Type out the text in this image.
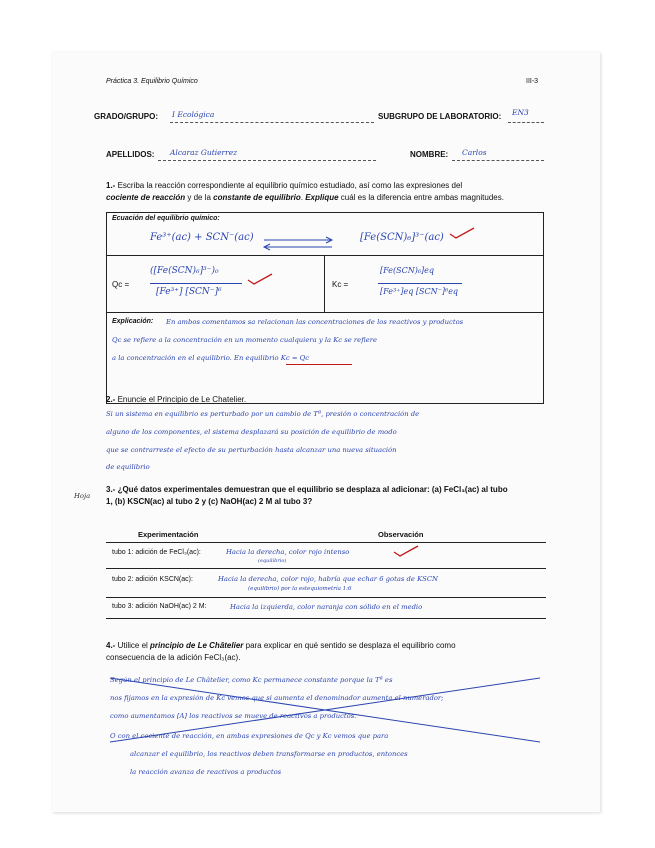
Práctica 3. Equilibrio Químico	III-3
GRADO/GRUPO: I Ecológica	SUBGRUPO DE LABORATORIO: EN3
APELLIDOS: Alcaraz Gutierrez	NOMBRE: Carlos
1.- Escriba la reacción correspondiente al equilibrio químico estudiado, así como las expresiones del
cociente de reacción y de la constante de equilibrio. Explique cuál es la diferencia entre ambas magnitudes.
Ecuación del equilibrio químico:
Fe³⁺(ac) + SCN⁻(ac)	[Fe(SCN)₆]³⁻(ac)
Qc =
([Fe(SCN)₆]³⁻)₀
[Fe³⁺] [SCN⁻]⁶
Kc =
[Fe(SCN)₆]eq
[Fe³⁺]eq [SCN⁻]⁶eq
Explicación: En ambos comentamos sa relacionan las concentraciones de los reactivos y productos
Qc se refiere a la concentración en un momento cualquiera y la Kc se refiere
a la concentración en el equilibrio. En equilibrio Kc = Qc
2.- Enuncie el Principio de Le Chatelier.
Si un sistema en equilibrio es perturbado por un cambio de Tª, presión o concentración de
alguno de los componentes, el sistema desplazará su posición de equilibrio de modo
que se contrarreste el efecto de su perturbación hasta alcanzar una nueva situación
de equilibrio
Hoja
3.- ¿Qué datos experimentales demuestran que el equilibrio se desplaza al adicionar: (a) FeCl₃(ac) al tubo
1, (b) KSCN(ac) al tubo 2 y (c) NaOH(ac) 2 M al tubo 3?
Experimentación	Observación
tubo 1: adición de FeCl₃(ac):	Hacia la derecha, color rojo intenso
(equilibrio)
tubo 2: adición KSCN(ac):	Hacia la derecha, color rojo, habría que echar 6 gotas de KSCN
(equilibrio) por la estequiometría 1:6
tubo 3: adición NaOH(ac) 2 M:	Hacia la izquierda, color naranja con sólido en el medio
4.- Utilice el principio de Le Châtelier para explicar en qué sentido se desplaza el equilibrio como
consecuencia de la adición FeCl₃(ac).
Según el principio de Le Châtelier, como Kc permanece constante porque la Tª es
nos fijamos en la expresión de Kc vemos que si aumenta el denominador aumenta el numerador;
como aumentamos [A] los reactivos se mueve de reactivos a productos.
O con el cociente de reacción, en ambas expresiones de Qc y Kc vemos que para
alcanzar el equilibrio, los reactivos deben transformarse en productos, entonces
la reacción avanza de reactivos a productos
